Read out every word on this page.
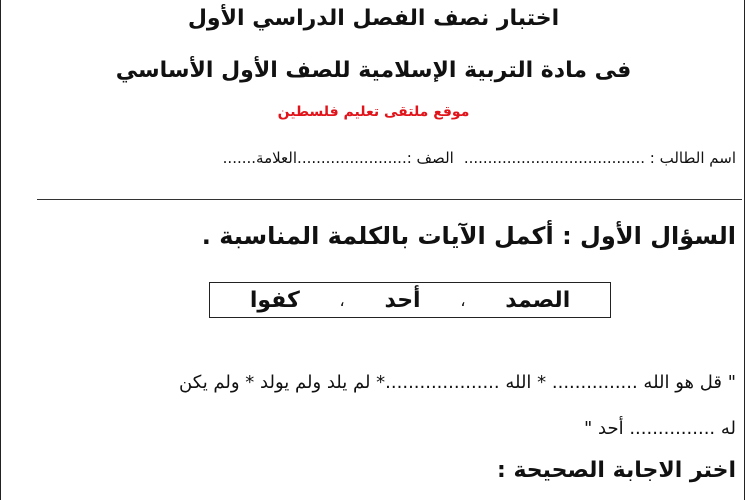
اختبار نصف الفصل الدراسي الأول
فى مادة التربية الإسلامية للصف الأول الأساسي
موقع ملتقى تعليم فلسطين
اسم الطالب : ......................................الصف :.......................العلامة.......
السؤال الأول : أكمل الآيات بالكلمة المناسبة .
الصمد
،
أحد
،
كفوا
" قل هو الله ............... * الله ....................* لم يلد ولم يولد * ولم يكن
له ............... أحد "
اختر الاجابة الصحيحة :
